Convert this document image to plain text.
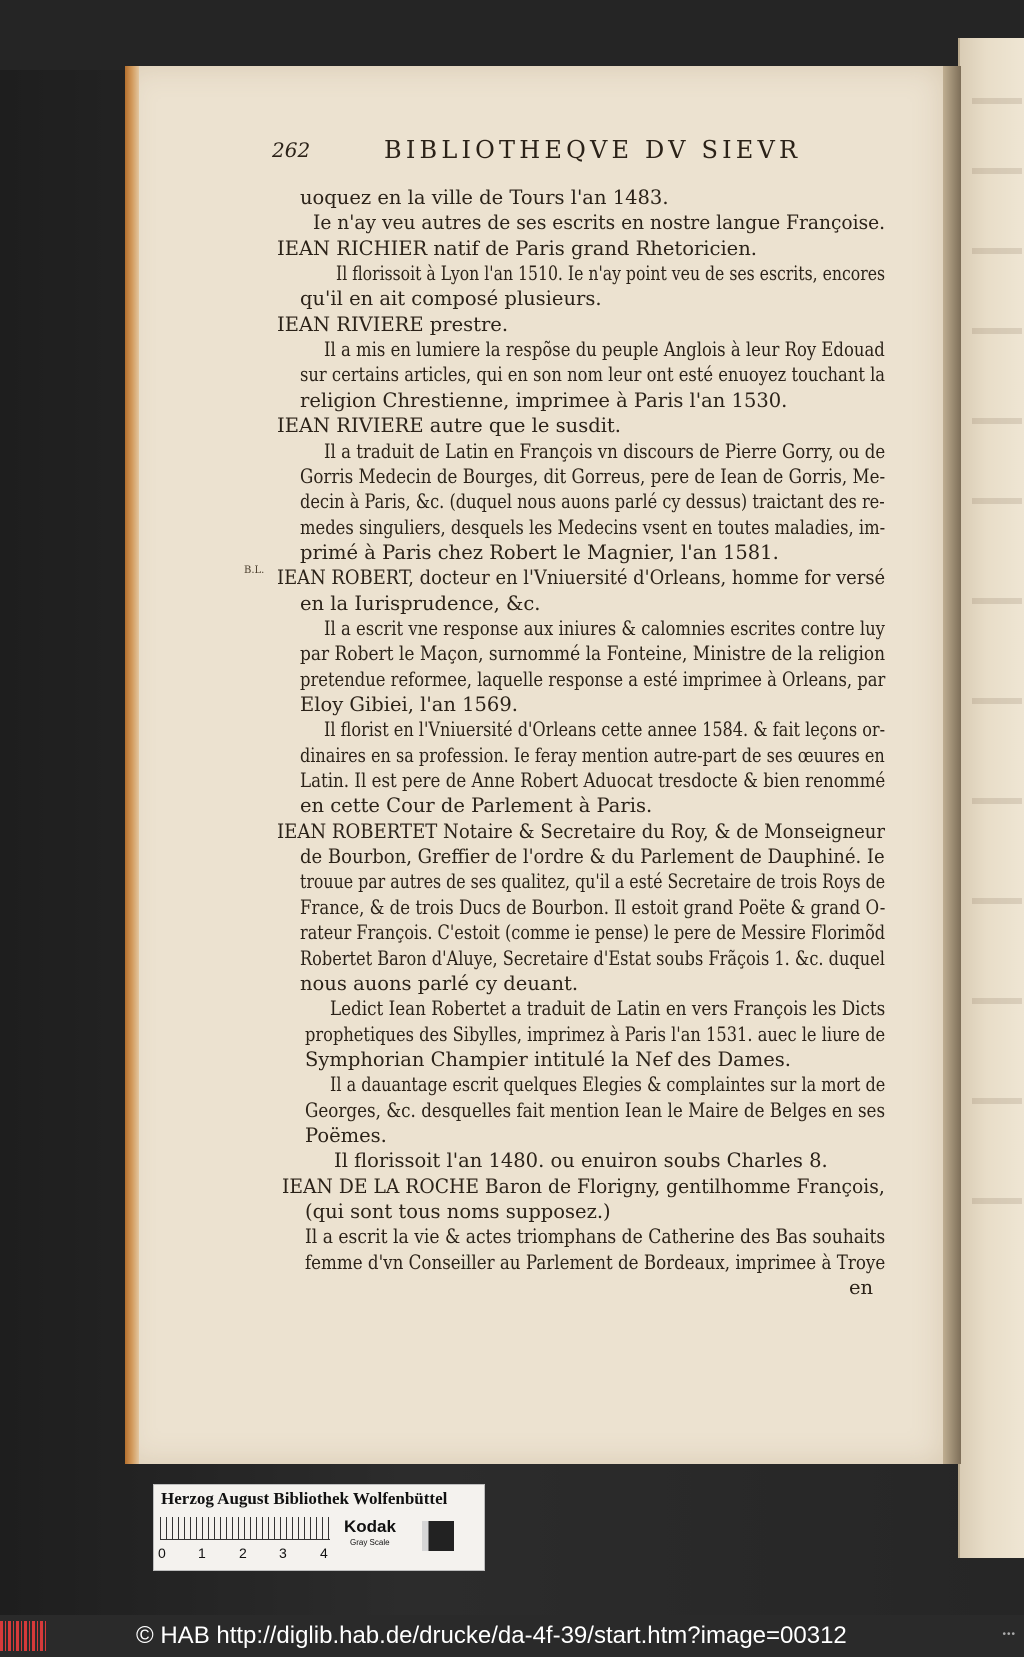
262	BIBLIOTHEQVE DV SIEVR
B.L.
uoquez en la ville de Tours l'an 1483.
Ie n'ay veu autres de ses escrits en nostre langue Françoise.
IEAN RICHIER natif de Paris grand Rhetoricien.
Il florissoit à Lyon l'an 1510. Ie n'ay point veu de ses escrits, encores
qu'il en ait composé plusieurs.
IEAN RIVIERE prestre.
Il a mis en lumiere la respõse du peuple Anglois à leur Roy Edouad
sur certains articles, qui en son nom leur ont esté enuoyez touchant la
religion Chrestienne, imprimee à Paris l'an 1530.
IEAN RIVIERE autre que le susdit.
Il a traduit de Latin en François vn discours de Pierre Gorry, ou de
Gorris Medecin de Bourges, dit Gorreus, pere de Iean de Gorris, Me-
decin à Paris, &c. (duquel nous auons parlé cy dessus) traictant des re-
medes singuliers, desquels les Medecins vsent en toutes maladies, im-
primé à Paris chez Robert le Magnier, l'an 1581.
IEAN ROBERT, docteur en l'Vniuersité d'Orleans, homme for versé
en la Iurisprudence, &c.
Il a escrit vne response aux iniures & calomnies escrites contre luy
par Robert le Maçon, surnommé la Fonteine, Ministre de la religion
pretendue reformee, laquelle response a esté imprimee à Orleans, par
Eloy Gibiei, l'an 1569.
Il florist en l'Vniuersité d'Orleans cette annee 1584. & fait leçons or-
dinaires en sa profession. Ie feray mention autre-part de ses œuures en
Latin. Il est pere de Anne Robert Aduocat tresdocte & bien renommé
en cette Cour de Parlement à Paris.
IEAN ROBERTET Notaire & Secretaire du Roy, & de Monseigneur
de Bourbon, Greffier de l'ordre & du Parlement de Dauphiné. Ie
trouue par autres de ses qualitez, qu'il a esté Secretaire de trois Roys de
France, & de trois Ducs de Bourbon. Il estoit grand Poëte & grand O-
rateur François. C'estoit (comme ie pense) le pere de Messire Florimõd
Robertet Baron d'Aluye, Secretaire d'Estat soubs Frãçois 1. &c. duquel
nous auons parlé cy deuant.
Ledict Iean Robertet a traduit de Latin en vers François les Dicts
prophetiques des Sibylles, imprimez à Paris l'an 1531. auec le liure de
Symphorian Champier intitulé la Nef des Dames.
Il a dauantage escrit quelques Elegies & complaintes sur la mort de
Georges, &c. desquelles fait mention Iean le Maire de Belges en ses
Poëmes.
Il florissoit l'an 1480. ou enuiron soubs Charles 8.
IEAN DE LA ROCHE Baron de Florigny, gentilhomme François,
(qui sont tous noms supposez.)
Il a escrit la vie & actes triomphans de Catherine des Bas souhaits
femme d'vn Conseiller au Parlement de Bordeaux, imprimee à Troye
en
Herzog August Bibliothek Wolfenbüttel
0 1 2 3 4
Kodak
Gray Scale
© HAB http://diglib.hab.de/drucke/da-4f-39/start.htm?image=00312	•••
